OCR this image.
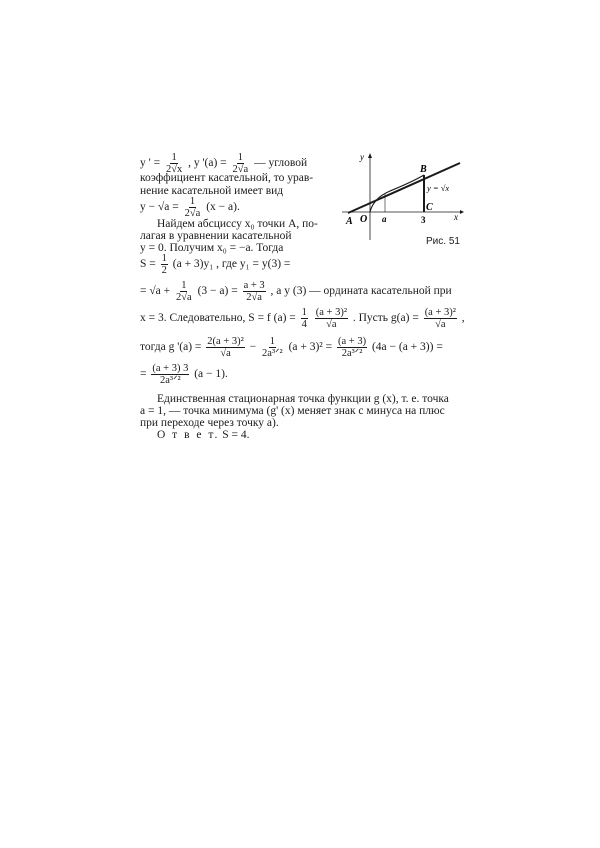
y ' = $\frac{1}{2√x}$ , y '$(a) = \frac{1}{2√a}$ — угловой
коэффициент касательной, то урав-
нение касательной имеет вид
$y - √a = \frac{1}{2√a} (x - a)$.
Найдем абсциссу x₀ точки A, по-
лагая в уравнении касательной
y = 0. Получим x₀ = −a. Тогда
$S = \frac{1}{2} (a + 3)y_1$ , где y₁ = y(3) =
= $√a + \frac{1}{2√a} (3 - a) = \frac{a + 3}{2√a}$ , а y (3) — ордината касательной при
x = 3. Следовательно, S = f $(a) = \frac{1}{4}$
$\frac{\text{(a + 3)²}}{√a}$ . Пусть $g(a) = \frac{\text{(a + 3)²}}{√a}$ ,
тогда g '$(a) = \frac{\text{2(a + 3)²}}{√a} - \frac{1}{\text{2a³ᐟ²}} (a + 3)^2 = \frac{(a + 3)}{\text{2a³ᐟ²}} (4a - (a + 3))$ =
= $\frac{(a + 3) 3}{\text{2a³ᐟ²}} (a - 1)$.
Единственная стационарная точка функции g (x), т. е. точка
a = 1, — точка минимума (g' (x) меняет знак с минуса на плюс
при переходе через точку a).
О т в е т. S = 4.
y
x
A O a	3
B
C
y = √x
Рис. 51
